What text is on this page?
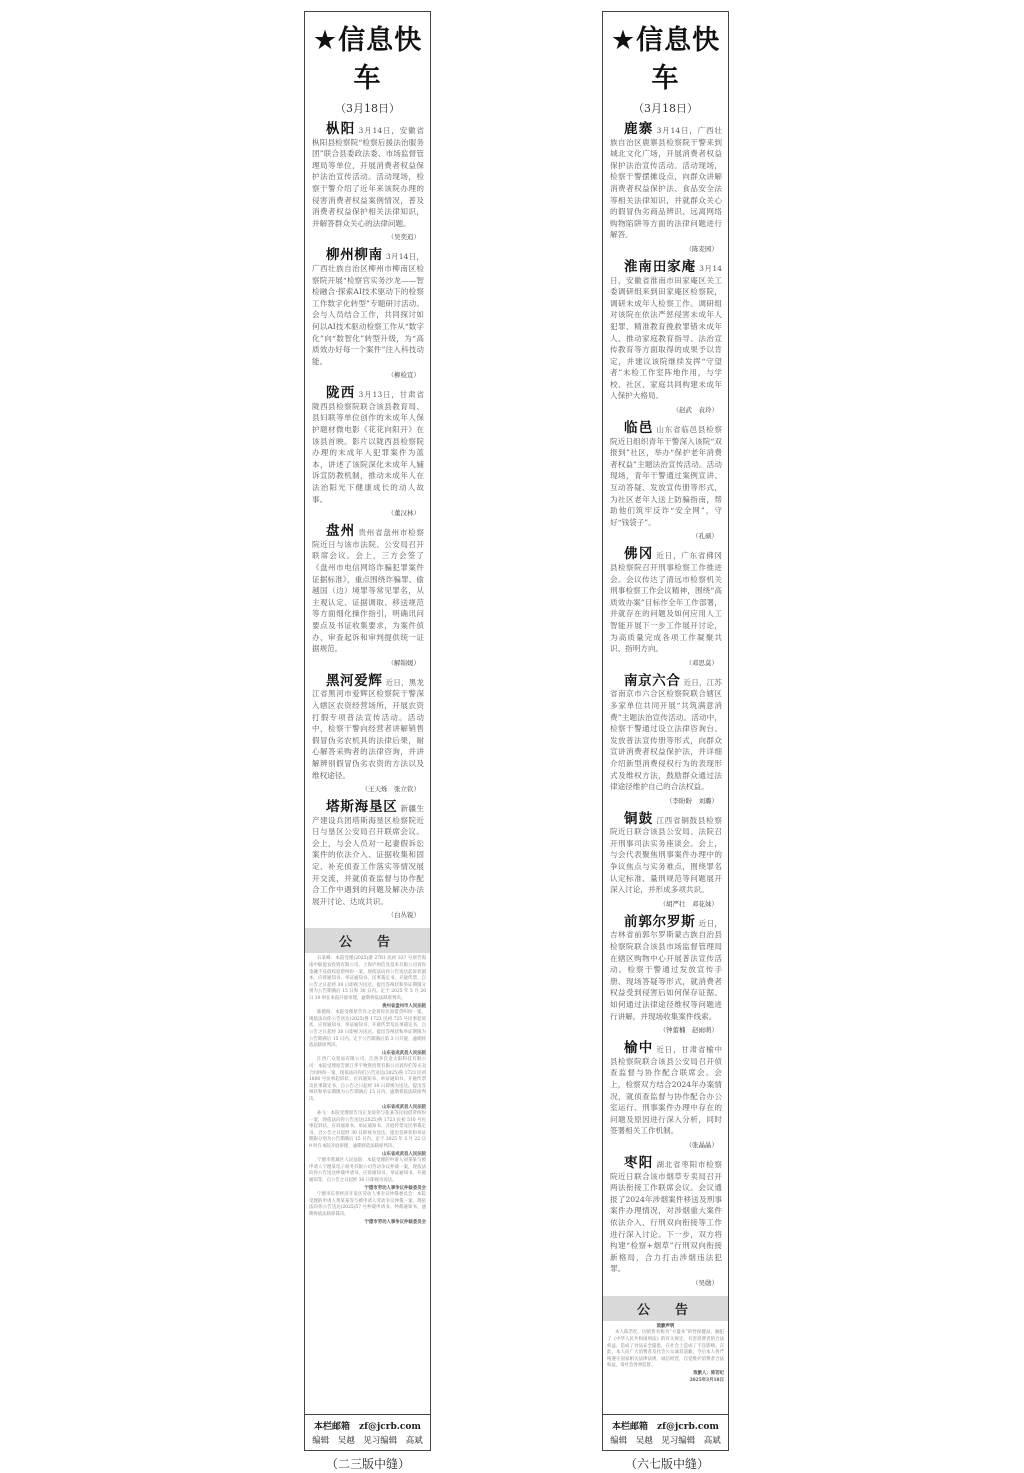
★信息快车
（3月18日）
枞阳 3月14日，安徽省枞阳县检察院“检察后援法治服务团”联合县委政法委、市场监督管理局等单位，开展消费者权益保护法治宣传活动。活动现场，检察干警介绍了近年来该院办理的侵害消费者权益案例情况，普及消费者权益保护相关法律知识，并解答群众关心的法律问题。
（吴奕追）
柳州柳南 3月14日，广西壮族自治区柳州市柳南区检察院开展“检察官实务沙龙——智检融合·探索AI技术驱动下的检察工作数字化转型”专题研讨活动。会与人员结合工作，共同探讨如何以AI技术驱动检察工作从“数字化”向“数智化”转型升级，为“高质效办好每一个案件”注入科技动能。
（柳检宣）
陇西 3月13日，甘肃省陇西县检察院联合该县教育局、县妇联等单位创作的未成年人保护题材微电影《花花向阳开》在该县首映。影片以陇西县检察院办理的未成年人犯罪案件为蓝本，讲述了该院深化未成年人辅诉宣防教机制，推动未成年人在法治阳光下健康成长的动人故事。
（董汉林）
盘州 贵州省盘州市检察院近日与该市法院、公安局召开联席会议。会上，三方会签了《盘州市电信网络诈骗犯罪案件证据标准》，重点围绕诈骗罪、偷越国（边）境罪等常见罪名，从主观认定、证据调取、移送规范等方面细化操作指引，明确讯问要点及书证收集要求，为案件侦办、审查起诉和审判提供统一证据规范。
（解锦媛）
黑河爱辉 近日，黑龙江省黑河市爱辉区检察院干警深入辖区农资经营场所，开展农资打假专项普法宣传活动。活动中，检察干警向经营者讲解销售假冒伪劣农机具的法律后果，耐心解答采购者的法律咨询，并讲解辨别假冒伪劣农资的方法以及维权途径。
（王天烁　张立钦）
塔斯海垦区 新疆生产建设兵团塔斯海垦区检察院近日与垦区公安局召开联席会议。会上，与会人员对一起妻假诉讼案件的依法介入、证据收集和固定、补充侦查工作落实等情况展开交流，并就侦查监督与协作配合工作中遇到的问题及解决办法展开讨论、达成共识。
（白丛锐）
公　告

石某峰：本院受理(2025)浙 2781 民初 337 号原告海南中联盈农投资有限公司、上海庐州信息技术有限公司诉你金融不良债权追偿纠纷一案，现依法向你公告送达起诉状副本、应诉通知书、举证通知书、民事裁定书、开庭传票。自公告之日起经 30 日即视为送达。提出答辩状和举证期限分别为公告期满后 15 日和 30 日内。定于 2025 年 5 月 20 日 10 时在本院开庭审理，逾期将依法缺席判决。

贵州省盘州市人民法院

陈德海：本院受理原告许之金诉你民间借贷纠纷一案，现依法向你公告送达(2025)鲁 1723 民初 725 号民事起诉状、应诉通知书、举证通知书、开庭传票及民事裁定书，自公告之日起经 30 日即视为送达。提出答辩状和举证期限为公告期满后 15 日内。定于公告期满后第 3 日开庭，逾期将依法缺席判决。

山东省成武县人民法院

江西广众贸易有限公司、江西李氏金太阳科技有限公司：本院受理原告浙江华宇物资投资有限公司诉你们等买卖合同纠纷一案，现依法向你们公告送达(2025)鲁 1723 民初 1806 号民事起诉状、应诉通知书、举证通知书、开庭传票及民事裁定书，自公告之日起经 30 日即视为送达。提出答辩状和举证期限为公告期满后 15 日内。逾期将依法缺席判决。

山东省成武县人民法院

孙飞：本院受理原告司正龙诉你与张某等民间借贷纠纷一案，现依法向你公告送达(2025)鲁 1723 民初 510 号民事起诉状、应诉通知书、举证通知书、开庭传票及民事裁定书，自公告之日起经 30 日即视为送达。提出答辩状和举证期限分别为公告期满后 15 日内。定于 2025 年 5 月 22 日 9 时在本院开庭审理，逾期将依法缺席判决。

山东省成武县人民法院

宁德市蕉城区人民法院：本院受理的申请人刘某某与被申请人宁德某电子商务有限公司劳动争议仲裁一案，现依法向你公告送达仲裁申请书、应诉通知书、举证通知书、开庭通知等，自公告之日起经 30 日即视为送达。

宁德市劳动人事争议仲裁委员会

宁德市东侨经济开发区劳动人事争议仲裁委员会：本院受理的申请人黄某某等与被申请人劳动争议仲裁一案，现依法向你公告送达(2025)57 号仲裁申请书、仲裁通知书，逾期将依法缺席裁决。

宁德市劳动人事争议仲裁委员会
本栏邮箱　zf@jcrb.com
编辑　吴越　见习编辑　高斌
（二三版中缝）
★信息快车
（3月18日）
鹿寨 3月14日，广西壮族自治区鹿寨县检察院干警来到城北文化广场，开展消费者权益保护法治宣传活动。活动现场，检察干警摆摊设点，向群众讲解消费者权益保护法、食品安全法等相关法律知识，并就群众关心的假冒伪劣商品辨识、远离网络购物陷阱等方面的法律问题进行解答。
（陈麦园）
淮南田家庵 3月14日，安徽省淮南市田家庵区关工委调研组来到田家庵区检察院，调研未成年人检察工作。调研组对该院在依法严惩侵害未成年人犯罪、精准教育挽救罪错未成年人、推动家庭教育指导、法治宣传教育等方面取得的成果予以肯定，并建议该院继续发挥“守望者”未检工作室阵地作用，与学校、社区、家庭共同构建未成年人保护大格局。
（赵武　袁玲）
临邑 山东省临邑县检察院近日组织青年干警深入该院“双报到”社区，举办“保护老年消费者权益”主题法治宣传活动。活动现场，青年干警通过案例宣讲、互动答疑、发放宣传册等形式，为社区老年人送上防骗指南，帮助他们筑牢反诈“安全网”，守好“钱袋子”。
（孔硕）
佛冈 近日，广东省佛冈县检察院召开刑事检察工作推进会。会议传达了清远市检察机关刑事检察工作会议精神，围绕“高质效办案”目标作全年工作部署，并就存在的问题及如何应用人工智能开展下一步工作展开讨论，为高质量完成各项工作凝聚共识、指明方向。
（邓思莫）
南京六合 近日，江苏省南京市六合区检察院联合辖区多家单位共同开展“共筑满意消费”主题法治宣传活动。活动中，检察干警通过设立法律咨询台、发放普法宣传册等形式，向群众宣讲消费者权益保护法，并详细介绍新型消费侵权行为的表现形式及维权方法，鼓励群众通过法律途径维护自己的合法权益。
（李盼盼　刘璐）
铜鼓 江西省铜鼓县检察院近日联合该县公安局、法院召开刑事司法实务座谈会。会上，与会代表聚焦刑事案件办理中的争议焦点与实务难点，围绕罪名认定标准、量刑规范等问题展开深入讨论，并形成多项共识。
（胡严壮　邓花妹）
前郭尔罗斯 近日，吉林省前郭尔罗斯蒙古族自治县检察院联合该县市场监督管理局在辖区购物中心开展普法宣传活动。检察干警通过发放宣传手册、现场答疑等形式，就消费者权益受到侵害后如何保存证据、如何通过法律途径维权等问题进行讲解，并现场收集案件线索。
（钟蕾楠　赵雨萌）
榆中 近日，甘肃省榆中县检察院联合该县公安局召开侦查监督与协作配合联席会。会上，检察双方结合2024年办案情况，就侦查监督与协作配合办公室运行、刑事案件办理中存在的问题及原因进行深入分析，同时签署相关工作机制。
（张晶晶）
枣阳 湖北省枣阳市检察院近日联合该市烟草专卖局召开两法衔接工作联席会议。会议通报了2024年涉烟案件移送及刑事案件办理情况，对涉烟重大案件依法介入、行刑双向衔接等工作进行深入讨论。下一步，双方将构建“检察+烟草”行刑双向衔接新格局，合力打击涉烟违法犯罪。
（吴勋）
公　告
致歉声明

本人陈若纪，因销售名称为“方盛本”的性保健品，触犯了《中华人民共和国刑法》的有关规定，有害消费者的合法权益，造成了食品安全隐患，在社会上造成了不良影响。在此，本人向广大消费者及社会公众诚恳道歉，今后本人将严格遵守国家相关法律法规，诚信经营，自觉维护消费者合法权益，请社会各界监督。

致歉人：陈若纪
2025年3月18日
本栏邮箱　zf@jcrb.com
编辑　吴越　见习编辑　高斌
（六七版中缝）
